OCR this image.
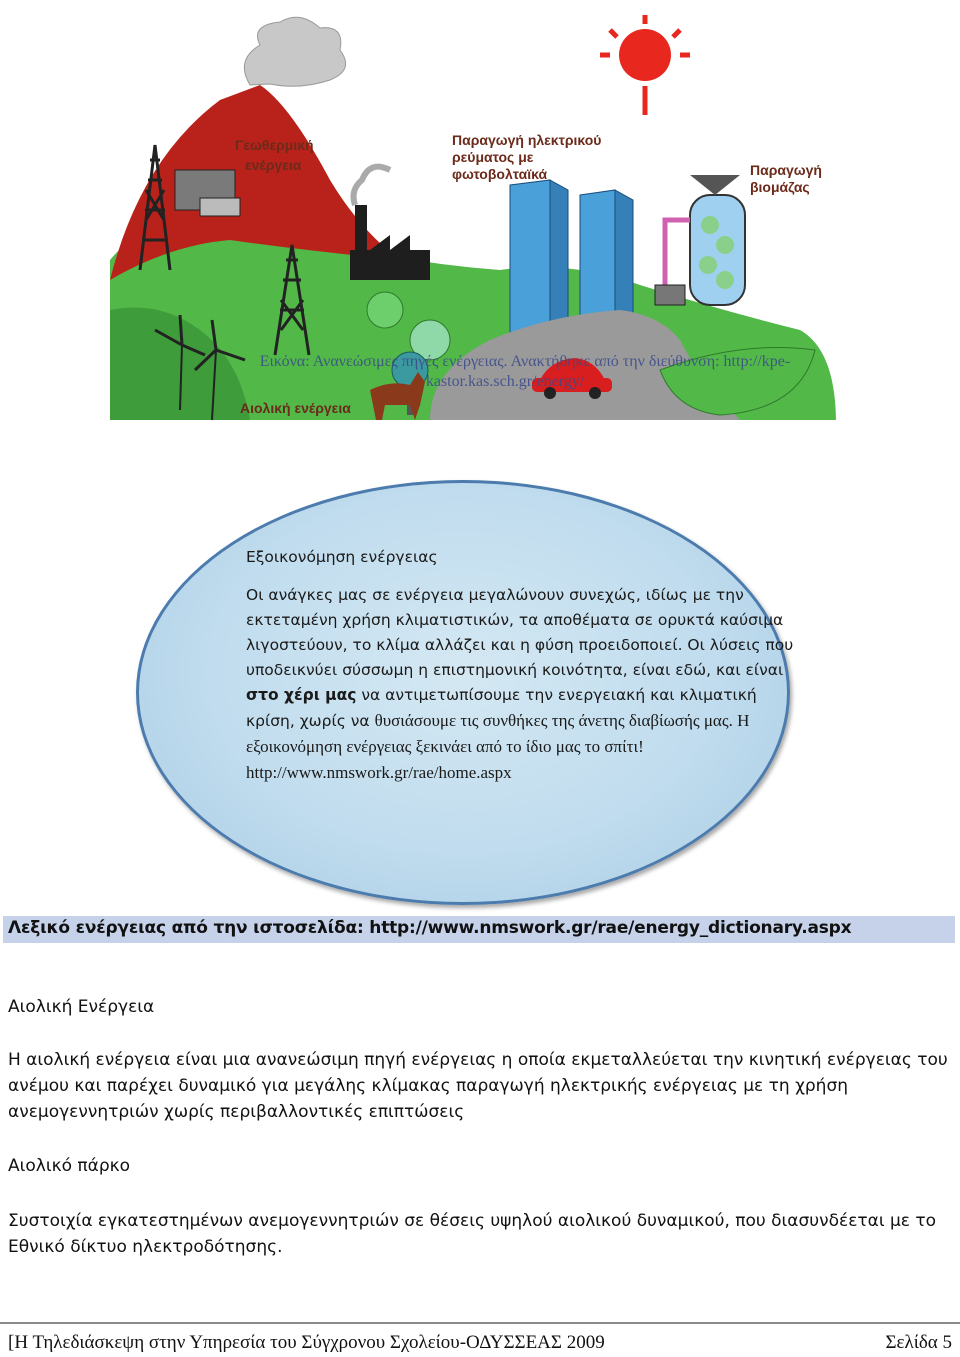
Γεωθερμική
ενέργεια
Παραγωγή ηλεκτρικού
ρεύματος με
φωτοβολταϊκά	Παραγωγή
βιομάζας
Αιολική ενέργεια
Εικόνα: Ανανεώσιμες πηγές ενέργειας. Ανακτήθηκε από την διεύθυνση: http://kpe-
kastor.kas.sch.gr/energy/
Εξοικονόμηση ενέργειας
Οι ανάγκες μας σε ενέργεια μεγαλώνουν συνεχώς, ιδίως με την εκτεταμένη χρήση κλιματιστικών, τα αποθέματα σε ορυκτά καύσιμα λιγοστεύουν, το κλίμα αλλάζει και η φύση προειδοποιεί. Οι λύσεις που υποδεικνύει σύσσωμη η επιστημονική κοινότητα, είναι εδώ, και είναι στο χέρι μας να αντιμετωπίσουμε την ενεργειακή και κλιματική κρίση, χωρίς να θυσιάσουμε τις συνθήκες της άνετης διαβίωσής μας. Η εξοικονόμηση ενέργειας ξεκινάει από το ίδιο μας το σπίτι! http://www.nmswork.gr/rae/home.aspx
Λεξικό ενέργειας από την ιστοσελίδα: http://www.nmswork.gr/rae/energy_dictionary.aspx
Αιολική Ενέργεια
Η αιολική ενέργεια είναι μια ανανεώσιμη πηγή ενέργειας η οποία εκμεταλλεύεται την κινητική ενέργειας του ανέμου και παρέχει δυναμικό για μεγάλης κλίμακας παραγωγή ηλεκτρικής ενέργειας με τη χρήση ανεμογεννητριών χωρίς περιβαλλοντικές επιπτώσεις
Αιολικό πάρκο
Συστοιχία εγκατεστημένων ανεμογεννητριών σε θέσεις υψηλού αιολικού δυναμικού, που διασυνδέεται με το Εθνικό δίκτυο ηλεκτροδότησης.
[Η Τηλεδιάσκεψη στην Υπηρεσία του Σύγχρονου Σχολείου-ΟΔΥΣΣΕΑΣ 2009	Σελίδα 5
